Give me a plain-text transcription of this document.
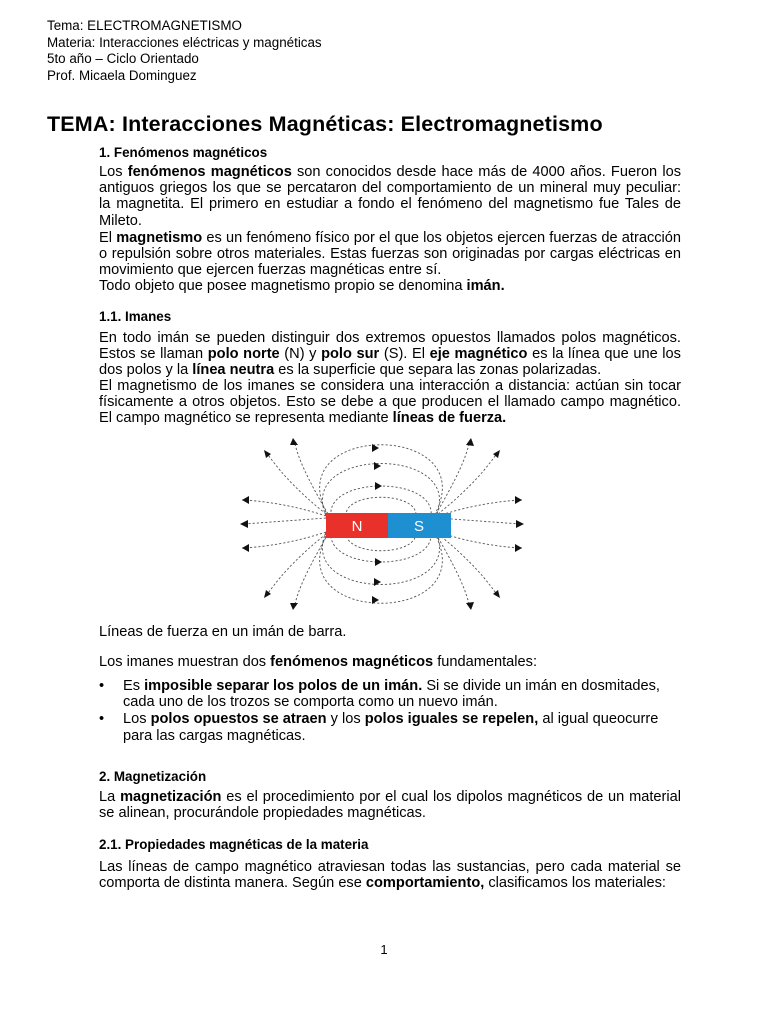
Tema: ELECTROMAGNETISMO
Materia: Interacciones eléctricas y magnéticas
5to año – Ciclo Orientado
Prof. Micaela Dominguez
TEMA: Interacciones Magnéticas: Electromagnetismo
1. Fenómenos magnéticos
Los fenómenos magnéticos son conocidos desde hace más de 4000 años. Fueron los antiguos griegos los que se percataron del comportamiento de un mineral muy peculiar: la magnetita. El primero en estudiar a fondo el fenómeno del magnetismo fue Tales de Mileto.
El magnetismo es un fenómeno físico por el que los objetos ejercen fuerzas de atracción o repulsión sobre otros materiales. Estas fuerzas son originadas por cargas eléctricas en movimiento que ejercen fuerzas magnéticas entre sí.
Todo objeto que posee magnetismo propio se denomina imán.
1.1. Imanes
En todo imán se pueden distinguir dos extremos opuestos llamados polos magnéticos. Estos se llaman polo norte (N) y polo sur (S). El eje magnético es la línea que une los dos polos y la línea neutra es la superficie que separa las zonas polarizadas.
El magnetismo de los imanes se considera una interacción a distancia: actúan sin tocar físicamente a otros objetos. Esto se debe a que producen el llamado campo magnético. El campo magnético se representa mediante líneas de fuerza.
N	S
Líneas de fuerza en un imán de barra.
Los imanes muestran dos fenómenos magnéticos fundamentales:
• Es imposible separar los polos de un imán. Si se divide un imán en dosmitades, cada uno de los trozos se comporta como un nuevo imán.
• Los polos opuestos se atraen y los polos iguales se repelen, al igual queocurre para las cargas magnéticas.
2. Magnetización
La magnetización es el procedimiento por el cual los dipolos magnéticos de un material se alinean, procurándole propiedades magnéticas.
2.1. Propiedades magnéticas de la materia
Las líneas de campo magnético atraviesan todas las sustancias, pero cada material se comporta de distinta manera. Según ese comportamiento, clasificamos los materiales:
1
